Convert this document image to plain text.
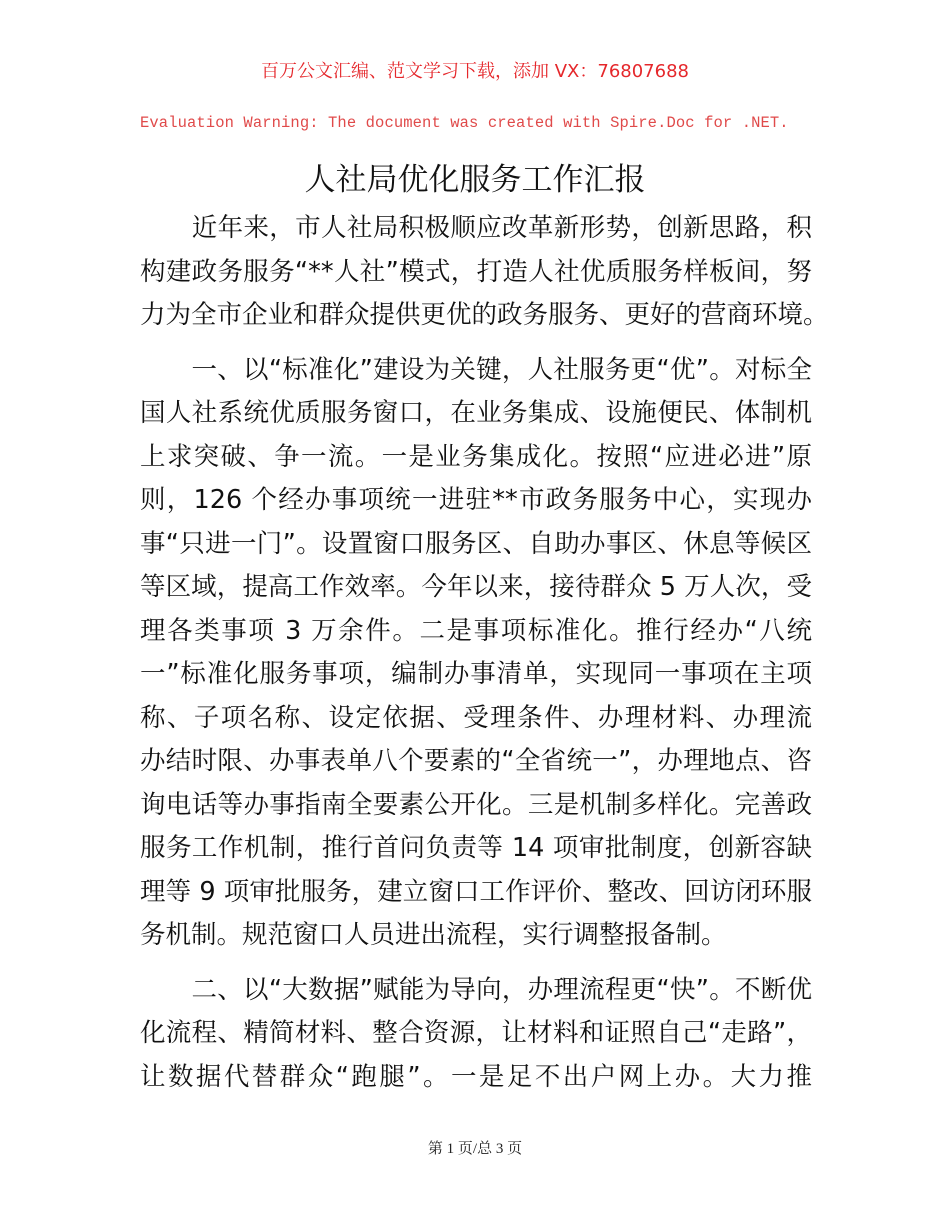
百万公文汇编、范文学习下载，添加 VX：76807688
Evaluation Warning: The document was created with Spire.Doc for .NET.
人社局优化服务工作汇报
　　近年来，市人社局积极顺应改革新形势，创新思路，积
构建政务服务“**人社”模式，打造人社优质服务样板间，努
力为全市企业和群众提供更优的政务服务、更好的营商环境。
　　一、以“标准化”建设为关键，人社服务更“优”。对标全
国人社系统优质服务窗口，在业务集成、设施便民、体制机
上求突破、争一流。一是业务集成化。按照“应进必进”原
则，126 个经办事项统一进驻**市政务服务中心，实现办
事“只进一门”。设置窗口服务区、自助办事区、休息等候区
等区域，提高工作效率。今年以来，接待群众 5 万人次，受
理各类事项 3 万余件。二是事项标准化。推行经办“八统
一”标准化服务事项，编制办事清单，实现同一事项在主项
称、子项名称、设定依据、受理条件、办理材料、办理流
办结时限、办事表单八个要素的“全省统一”，办理地点、咨
询电话等办事指南全要素公开化。三是机制多样化。完善政
服务工作机制，推行首问负责等 14 项审批制度，创新容缺
理等 9 项审批服务，建立窗口工作评价、整改、回访闭环服
务机制。规范窗口人员进出流程，实行调整报备制。
　　二、以“大数据”赋能为导向，办理流程更“快”。不断优
化流程、精简材料、整合资源，让材料和证照自己“走路”，
让数据代替群众“跑腿”。一是足不出户网上办。大力推
第 1 页/总 3 页
